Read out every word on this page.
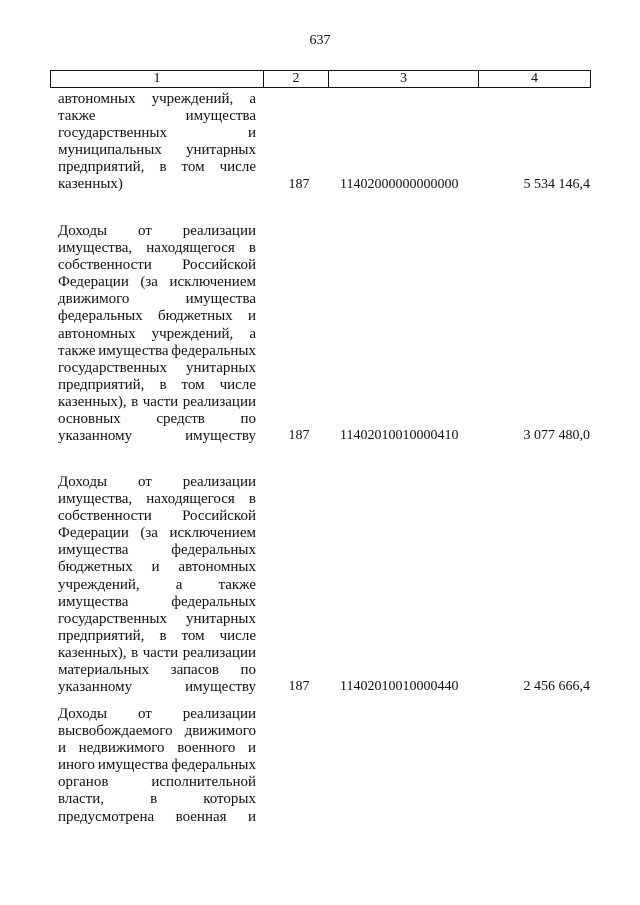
637
1	2	3	4
автономных учреждений, а
также	имущества
государственных	и
муниципальных унитарных
предприятий, в том числе
казенных)	187	11402000000000000	5 534 146,4
Доходы от реализации
имущества, находящегося в
собственности Российской
Федерации (за исключением
движимого	имущества
федеральных бюджетных и
автономных учреждений, а
также имущества федеральных
государственных унитарных
предприятий, в том числе
казенных), в части реализации
основных средств по
указанному	имуществу	187	11402010010000410	3 077 480,0
Доходы от реализации
имущества, находящегося в
собственности Российской
Федерации (за исключением
имущества	федеральных
бюджетных и автономных
учреждений, а также
имущества	федеральных
государственных унитарных
предприятий, в том числе
казенных), в части реализации
материальных запасов по
указанному	имуществу	187	11402010010000440	2 456 666,4
Доходы от реализации
высвобождаемого движимого
и недвижимого военного и
иного имущества федеральных
органов	исполнительной
власти,	в	которых
предусмотрена военная и
